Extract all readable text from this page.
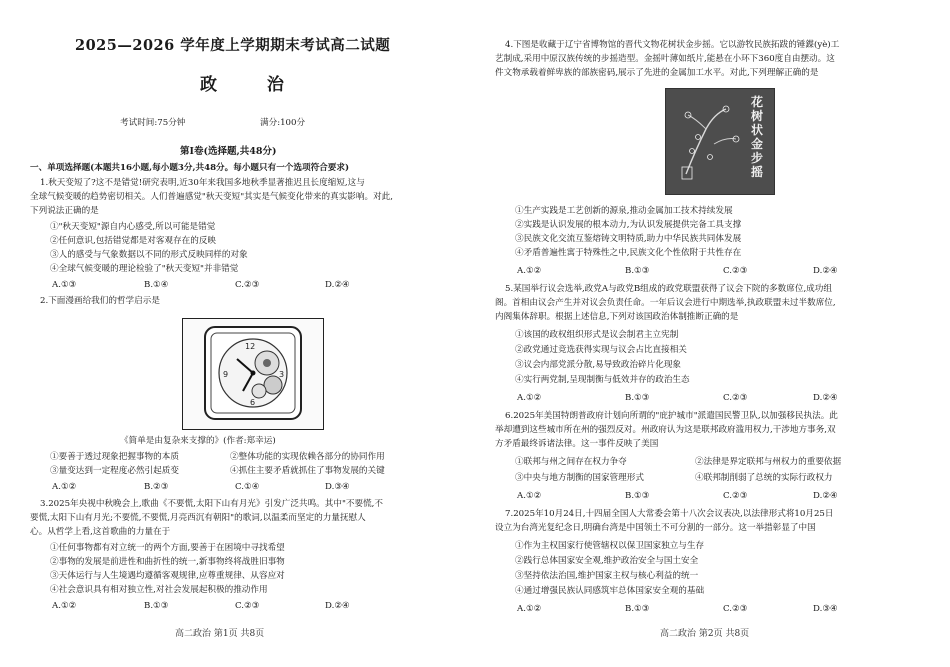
2025—2026 学年度上学期期末考试高二试题
政 治
考试时间:75分钟	满分:100分
第Ⅰ卷(选择题,共48分)
一、单项选择题(本题共16小题,每小题3分,共48分。每小题只有一个选项符合要求)
1.秋天变短了?这不是错觉!研究表明,近30年来我国多地秋季显著推迟且长度缩短,这与
全球气候变暖的趋势密切相关。人们普遍感觉"秋天变短"其实是气候变化带来的真实影响。对此,
下列说法正确的是
①"秋天变短"源自内心感受,所以可能是错觉
②任何意识,包括错觉都是对客观存在的反映
③人的感受与气象数据以不同的形式反映同样的对象
④全球气候变暖的理论检验了"秋天变短"并非错觉
A.①③	B.①④	C.②③	D.②④
2.下面漫画给我们的哲学启示是
12
3
6
9
《简单是由复杂来支撑的》(作者:郑幸运)
①要善于透过现象把握事物的本质	②整体功能的实现依赖各部分的协同作用
③量变达到一定程度必然引起质变	④抓住主要矛盾就抓住了事物发展的关键
A.①②	B.②③	C.①④	D.③④
3.2025年央视中秋晚会上,歌曲《不要慌,太阳下山有月光》引发广泛共鸣。其中"不要慌,不
要慌,太阳下山有月光;不要慌,不要慌,月亮西沉有朝阳"的歌词,以温柔而坚定的力量抚慰人
心。从哲学上看,这首歌曲的力量在于
①任何事物都有对立统一的两个方面,要善于在困境中寻找希望
②事物的发展是前进性和曲折性的统一,新事物终将战胜旧事物
③天体运行与人生境遇均遵循客观规律,应尊重规律、从容应对
④社会意识具有相对独立性,对社会发展起积极的推动作用
A.①②	B.①③	C.②③	D.②④
高二政治 第1页 共8页
4.下图是收藏于辽宁省博物馆的晋代文物花树状金步摇。它以游牧民族拓跋的锤鍱(yè)工
艺制成,采用中原汉族传统的步摇造型。金摇叶薄如纸片,能悬在小环下360度自由摆动。这
件文物承载着鲜卑族的部族密码,展示了先进的金属加工水平。对此,下列理解正确的是
花树状金步摇
①生产实践是工艺创新的源泉,推动金属加工技术持续发展
②实践是认识发展的根本动力,为认识发展提供完备工具支撑
③民族文化交流互鉴熔铸文明特质,助力中华民族共同体发展
④矛盾普遍性寓于特殊性之中,民族文化个性依附于共性存在
A.①②	B.①③	C.②③	D.②④
5.某国举行议会选举,政党A与政党B组成的政党联盟获得了议会下院的多数席位,成功组
阁。首相由议会产生并对议会负责任命。一年后议会进行中期选举,执政联盟未过半数席位,
内阁集体辞职。根据上述信息,下列对该国政治体制推断正确的是
①该国的政权组织形式是议会制君主立宪制
②政党通过竞选获得实现与议会占比直接相关
③议会内部党派分散,易导致政治碎片化现象
④实行两党制,呈现制衡与低效并存的政治生态
A.①②	B.①③	C.②③	D.②④
6.2025年美国特朗普政府计划向所谓的"庇护城市"派遣国民警卫队,以加强移民执法。此
举却遭到这些城市所在州的强烈反对。州政府认为这是联邦政府滥用权力,干涉地方事务,双
方矛盾最终诉诸法律。这一事件反映了美国
①联邦与州之间存在权力争夺	②法律是界定联邦与州权力的重要依据
③中央与地方制衡的国家管理形式	④联邦制削弱了总统的实际行政权力
A.①②	B.①③	C.②③	D.②④
7.2025年10月24日,十四届全国人大常委会第十八次会议表决,以法律形式将10月25日
设立为台湾光复纪念日,明确台湾是中国领土不可分割的一部分。这一举措彰显了中国
①作为主权国家行使管辖权以保卫国家独立与生存
②践行总体国家安全观,维护政治安全与国土安全
③坚持依法治国,维护国家主权与核心利益的统一
④通过增强民族认同感筑牢总体国家安全观的基础
A.①②	B.①③	C.②③	D.③④
高二政治 第2页 共8页
